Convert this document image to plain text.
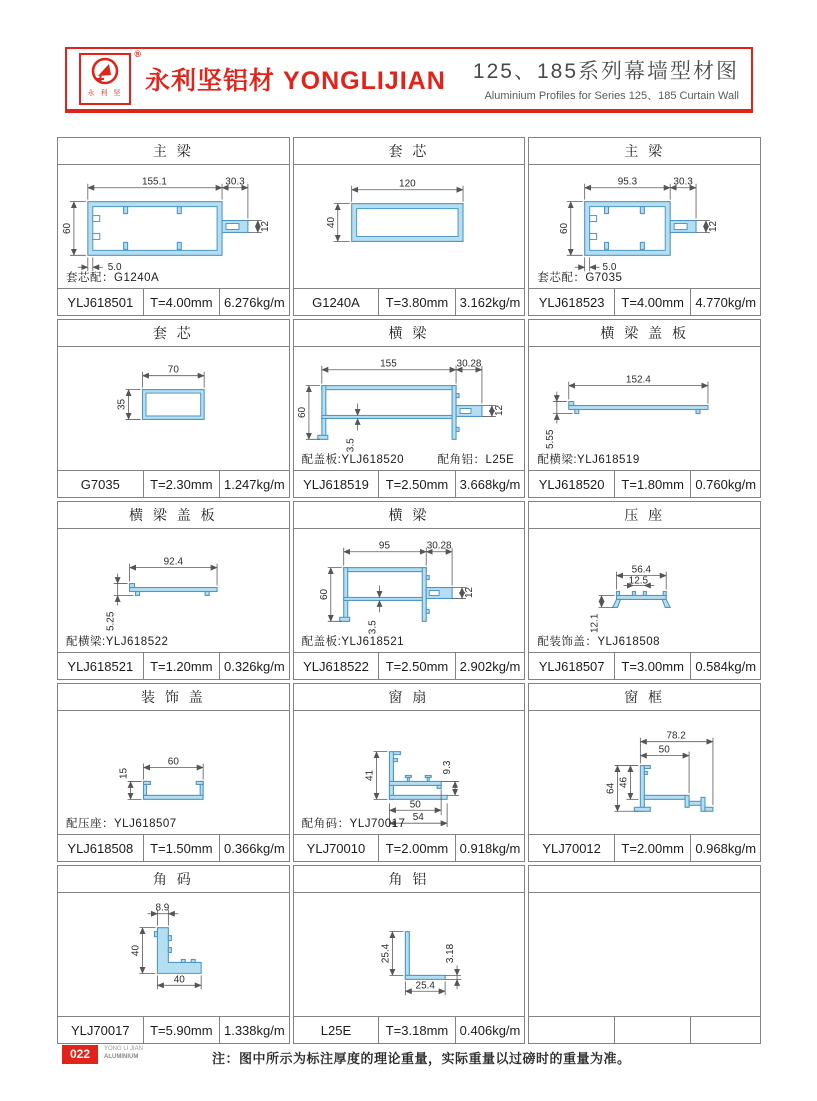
®
永 利 坚 永利坚铝材 YONGLIJIAN 125、185系列幕墙型材图
Aluminium Profiles for Series 125、185 Curtain Wall
主 梁
155.1	30.3
60
5.0
12
套芯配：G1240A
YLJ618501	T=4.00mm 6.276kg/m
套 芯
120
40
G1240A	T=3.80mm 3.162kg/m
主 梁
95.3	30.3
60
5.0
12
套芯配：G7035
YLJ618523	T=4.00mm 4.770kg/m
套 芯
70
35
G7035	T=2.30mm 1.247kg/m
横 梁
155	30.28
60
3.5
12
配盖板:YLJ618520	配角铝：L25E
YLJ618519	T=2.50mm 3.668kg/m
横 梁 盖 板
152.4
5.55
配横梁:YLJ618519
YLJ618520	T=1.80mm 0.760kg/m
横 梁 盖 板
92.4
5.25
配横梁:YLJ618522
YLJ618521	T=1.20mm 0.326kg/m
横 梁
95	30.28
60
3.5
12
配盖板:YLJ618521
YLJ618522	T=2.50mm 2.902kg/m
压 座
56.4
12.5
12.1
配装饰盖：YLJ618508
YLJ618507	T=3.00mm 0.584kg/m
装 饰 盖
60
15
配压座：YLJ618507
YLJ618508	T=1.50mm 0.366kg/m
窗 扇
41
9.3
50
54
配角码：YLJ70017
YLJ70010	T=2.00mm 0.918kg/m
窗 框
78.2
50
64
46
YLJ70012	T=2.00mm 0.968kg/m
角 码
8.9
40
40
YLJ70017	T=5.90mm 1.338kg/m
角 铝
25.4	3.18
25.4
L25E	T=3.18mm 0.406kg/m
022	YONG LI JIAN
ALUMINIUM	注：图中所示为标注厚度的理论重量，实际重量以过磅时的重量为准。
